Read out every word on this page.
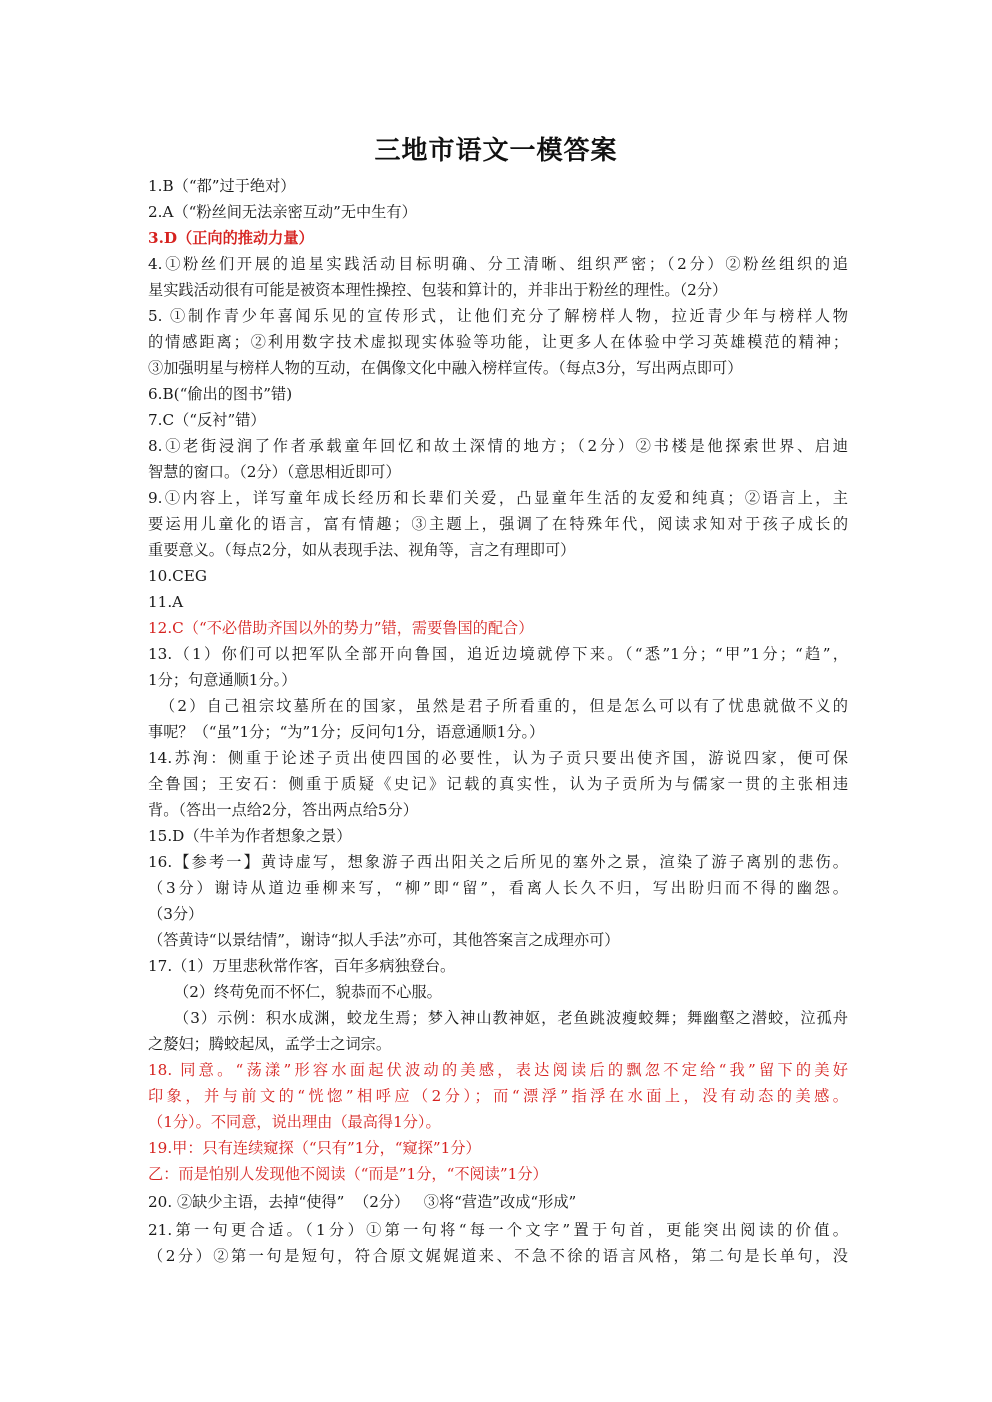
三地市语文一模答案
1.B（“都”过于绝对）
2.A（“粉丝间无法亲密互动”无中生有）
3.D（正向的推动力量）
4.①粉丝们开展的追星实践活动目标明确、分工清晰、组织严密；（2分）②粉丝组织的追
星实践活动很有可能是被资本理性操控、包装和算计的，并非出于粉丝的理性。（2分）
5. ①制作青少年喜闻乐见的宣传形式，让他们充分了解榜样人物，拉近青少年与榜样人物
的情感距离；②利用数字技术虚拟现实体验等功能，让更多人在体验中学习英雄模范的精神；
③加强明星与榜样人物的互动，在偶像文化中融入榜样宣传。（每点3分，写出两点即可）
6.B(“偷出的图书”错)
7.C（“反衬”错）
8.①老街浸润了作者承载童年回忆和故土深情的地方；（2分）②书楼是他探索世界、启迪
智慧的窗口。（2分）（意思相近即可）
9.①内容上，详写童年成长经历和长辈们关爱，凸显童年生活的友爱和纯真；②语言上，主
要运用儿童化的语言，富有情趣；③主题上，强调了在特殊年代，阅读求知对于孩子成长的
重要意义。（每点2分，如从表现手法、视角等，言之有理即可）
10.CEG
11.A
12.C（“不必借助齐国以外的势力”错，需要鲁国的配合）
13.（1）你们可以把军队全部开向鲁国，追近边境就停下来。（“悉”1分；“甲”1分；“趋”，
1分；句意通顺1分。）
（2）自己祖宗坟墓所在的国家，虽然是君子所看重的，但是怎么可以有了忧患就做不义的
事呢？（“虽”1分；“为”1分；反问句1分，语意通顺1分。）
14.苏洵：侧重于论述子贡出使四国的必要性，认为子贡只要出使齐国，游说四家，便可保
全鲁国；王安石：侧重于质疑《史记》记载的真实性，认为子贡所为与儒家一贯的主张相违
背。（答出一点给2分，答出两点给5分）
15.D（牛羊为作者想象之景）
16.【参考一】黄诗虚写，想象游子西出阳关之后所见的塞外之景，渲染了游子离别的悲伤。
（3分）谢诗从道边垂柳来写，“柳”即“留”，看离人长久不归，写出盼归而不得的幽怨。
（3分）
（答黄诗“以景结情”，谢诗“拟人手法”亦可，其他答案言之成理亦可）
17.（1）万里悲秋常作客，百年多病独登台。
（2）终苟免而不怀仁，貌恭而不心服。
（3）示例：积水成渊，蛟龙生焉；梦入神山教神妪，老鱼跳波瘦蛟舞；舞幽壑之潜蛟，泣孤舟
之嫠妇；腾蛟起凤，孟学士之词宗。
18. 同意。“荡漾”形容水面起伏波动的美感，表达阅读后的飘忽不定给“我”留下的美好
印象，并与前文的“恍惚”相呼应（2分）；而“漂浮”指浮在水面上，没有动态的美感。
（1分）。不同意，说出理由（最高得1分）。
19.甲：只有连续窥探（“只有”1分，“窥探”1分）
乙：而是怕别人发现他不阅读（“而是”1分，“不阅读”1分）
20. ②缺少主语，去掉“使得”  （2分）   ③将“营造”改成“形成”
21.第一句更合适。（1分）①第一句将“每一个文字”置于句首，更能突出阅读的价值。
（2分）②第一句是短句，符合原文娓娓道来、不急不徐的语言风格，第二句是长单句，没
